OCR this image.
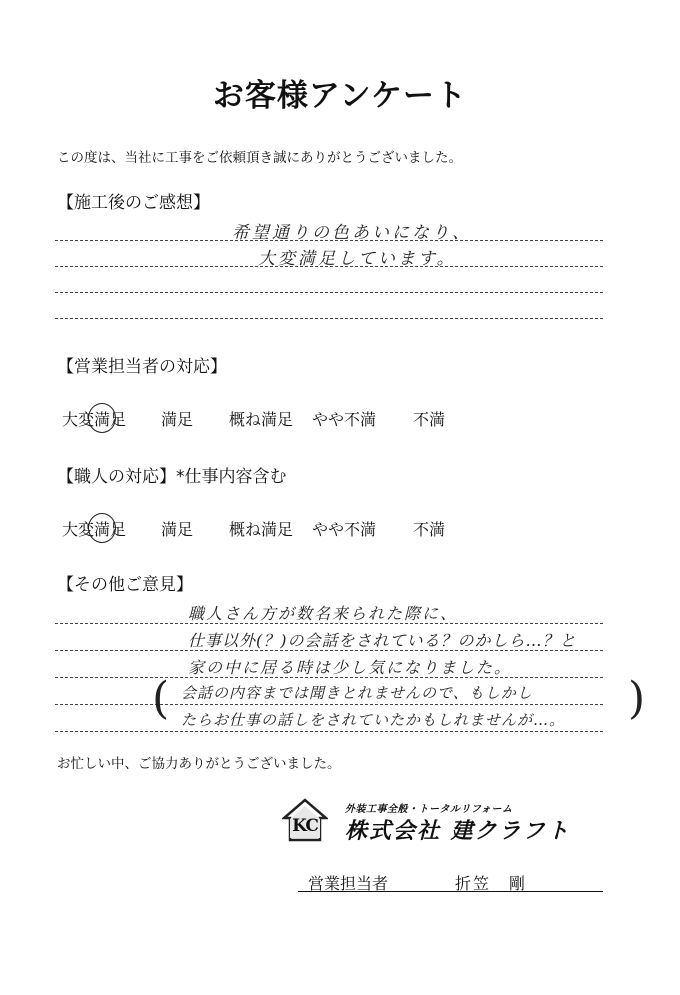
お客様アンケート
この度は、当社に工事をご依頼頂き誠にありがとうございました。
【施工後のご感想】
希望通りの色あいになり、
大変満足しています。
【営業担当者の対応】
大変満足 満足 概ね満足 やや不満 不満
【職人の対応】*仕事内容含む
大変満足 満足 概ね満足 やや不満 不満
【その他ご意見】
職人さん方が数名来られた際に、
仕事以外(？)の会話をされている？のかしら…？と
家の中に居る時は少し気になりました。
会話の内容までは聞きとれませんので、もしかし
たらお仕事の話しをされていたかもしれませんが…。
(	)
お忙しい中、ご協力ありがとうございました。
KC
外装工事全般・トータルリフォーム
株式会社 建クラフト
営業担当者	折笠　剛
